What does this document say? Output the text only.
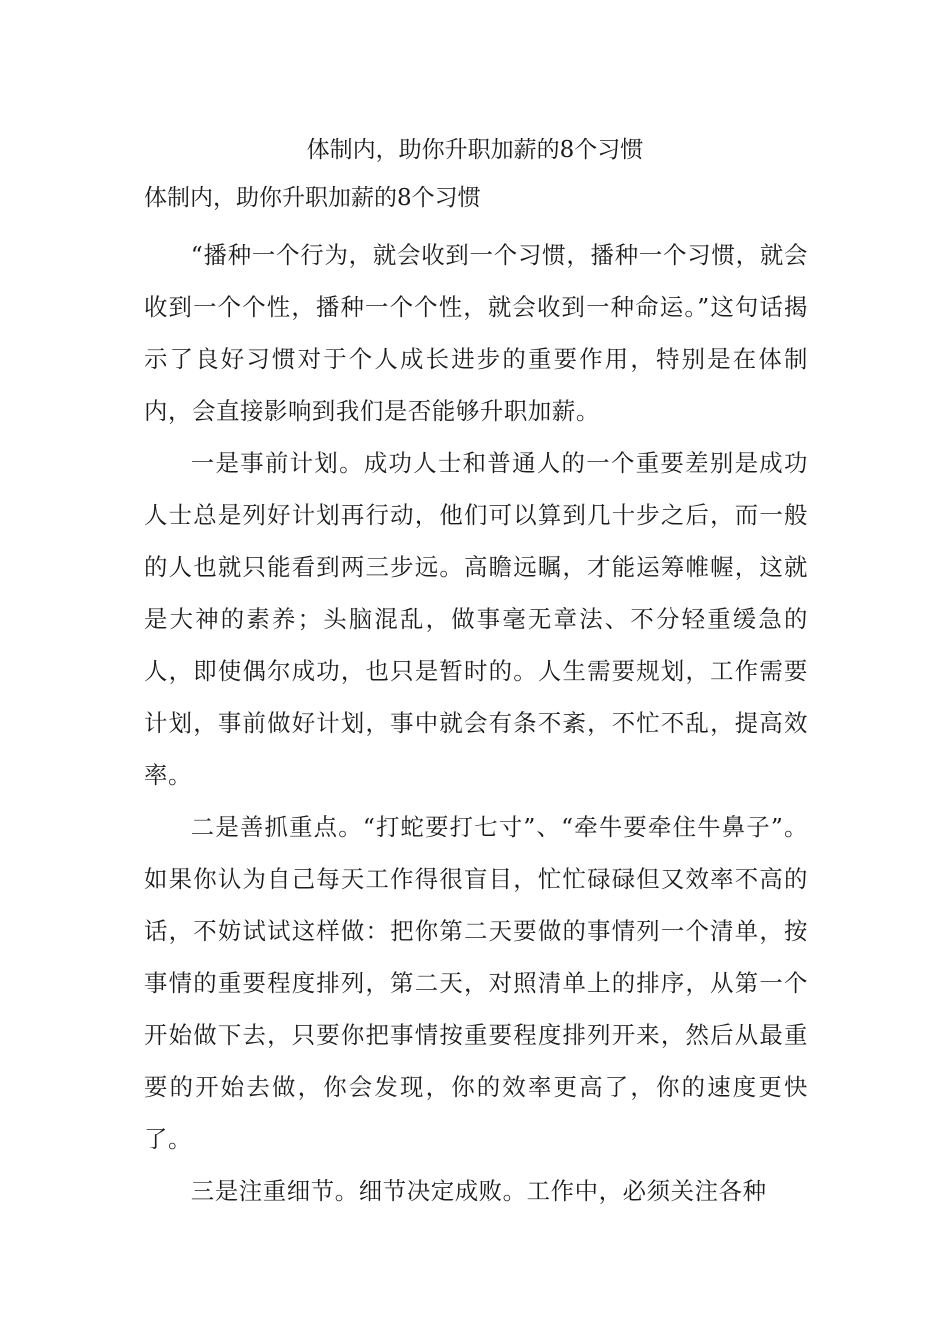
体制内，助你升职加薪的8个习惯
体制内，助你升职加薪的8个习惯

“播种一个行为，就会收到一个习惯，播种一个习惯，就会收到一个个性，播种一个个性，就会收到一种命运。”这句话揭示了良好习惯对于个人成长进步的重要作用，特别是在体制内，会直接影响到我们是否能够升职加薪。

一是事前计划。成功人士和普通人的一个重要差别是成功人士总是列好计划再行动，他们可以算到几十步之后，而一般的人也就只能看到两三步远。高瞻远瞩，才能运筹帷幄，这就是大神的素养；头脑混乱，做事毫无章法、不分轻重缓急的人，即使偶尔成功，也只是暂时的。人生需要规划，工作需要计划，事前做好计划，事中就会有条不紊，不忙不乱，提高效率。

二是善抓重点。“打蛇要打七寸”、“牵牛要牵住牛鼻子”。如果你认为自己每天工作得很盲目，忙忙碌碌但又效率不高的话，不妨试试这样做：把你第二天要做的事情列一个清单，按事情的重要程度排列，第二天，对照清单上的排序，从第一个开始做下去，只要你把事情按重要程度排列开来，然后从最重要的开始去做，你会发现，你的效率更高了，你的速度更快了。

三是注重细节。细节决定成败。工作中，必须关注各种
